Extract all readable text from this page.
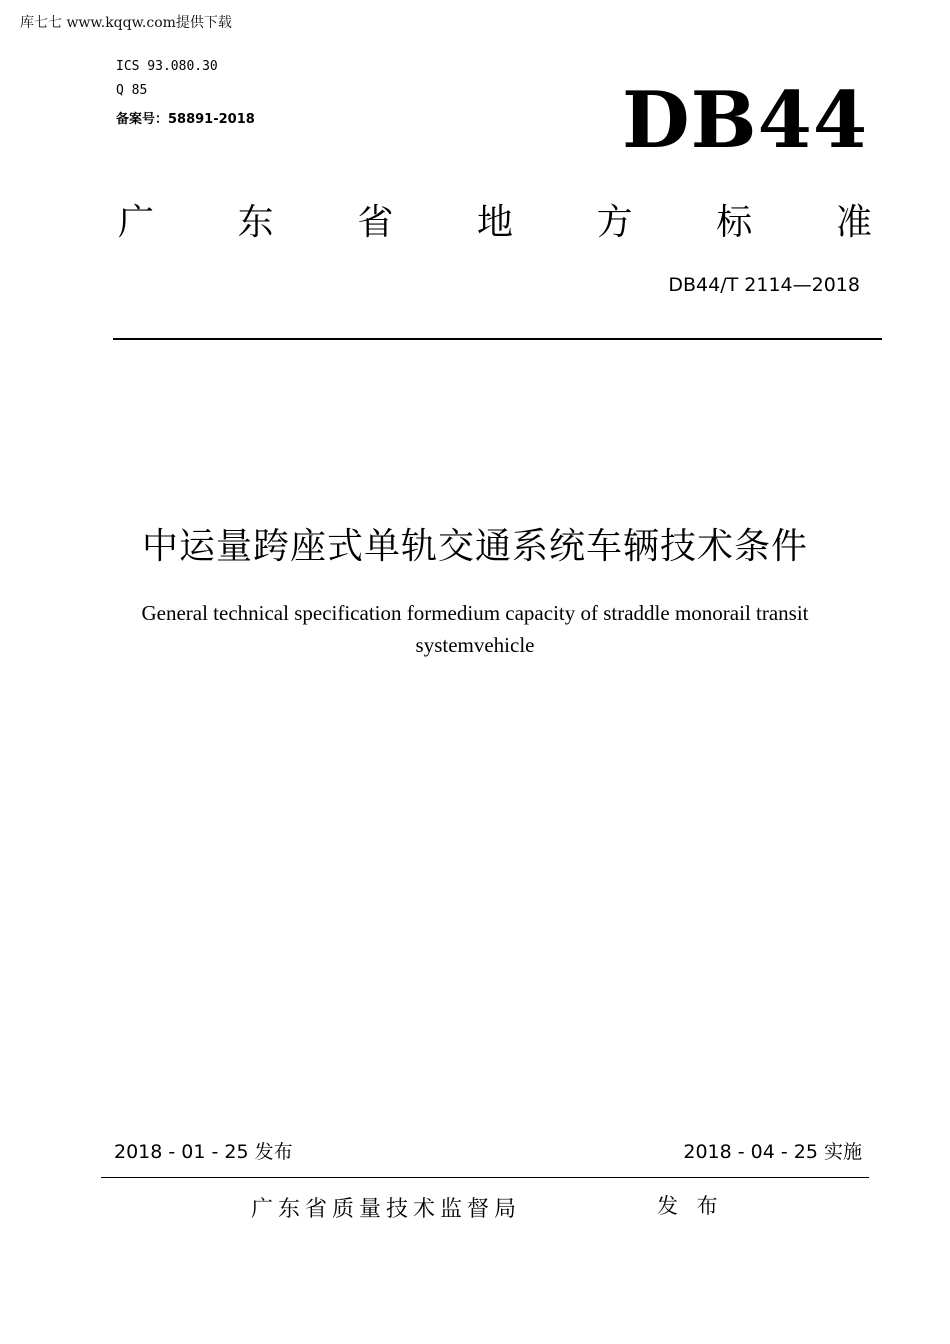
库七七 www.kqqw.com提供下载
ICS 93.080.30
Q 85
备案号：58891-2018	DB44
广 东 省 地 方 标 准
DB44/T 2114—2018
中运量跨座式单轨交通系统车辆技术条件
General technical specification formedium capacity of straddle monorail transit
systemvehicle
2018 - 01 - 25 发布	2018 - 04 - 25 实施
广东省质量技术监督局	发 布
